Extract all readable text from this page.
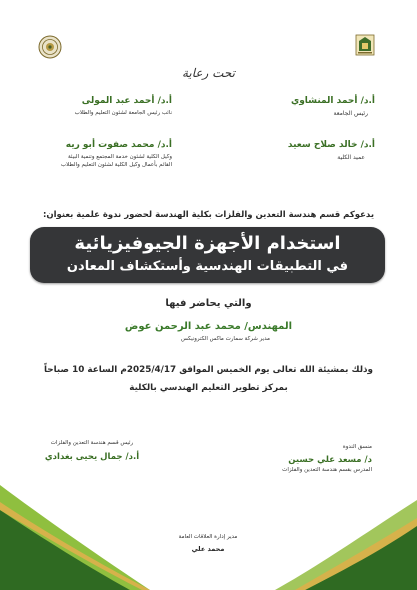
تحت رعاية
أ.د/ أحمد المنشاوي
رئيس الجامعة
أ.د/ خالد صلاح سعيد
عميد الكلية
أ.د/ أحمد عبد المولى
نائب رئيس الجامعة لشئون التعليم والطلاب
أ.د/ محمد صفوت أبو ريه
وكيل الكلية لشئون خدمة المجتمع وتنمية البيئة
القائم بأعمال وكيل الكلية لشئون التعليم والطلاب
يدعوكم قسم هندسة التعدين والفلزات بكلية الهندسة لحضور ندوة علمية بعنوان:
استخدام الأجهزة الجيوفيزيائية
في التطبيقات الهندسية وأستكشاف المعادن
والتي يحاضر فيها
المهندس/ محمد عبد الرحمن عوض
مدير شركة سمارت ماكس الكترونيكس
وذلك بمشيئة الله تعالى يوم الخميس الموافق 2025/4/17م الساعة 10 صباحاً
بمركز تطوير التعليم الهندسي بالكلية
رئيس قسم هندسة التعدين والفلزات
أ.د/ جمال يحيى بغدادي
منسق الندوة
د/ مسعد علي حسين
المدرس بقسم هندسة التعدين والفلزات
مدير إدارة العلاقات العامة
محمد علي
